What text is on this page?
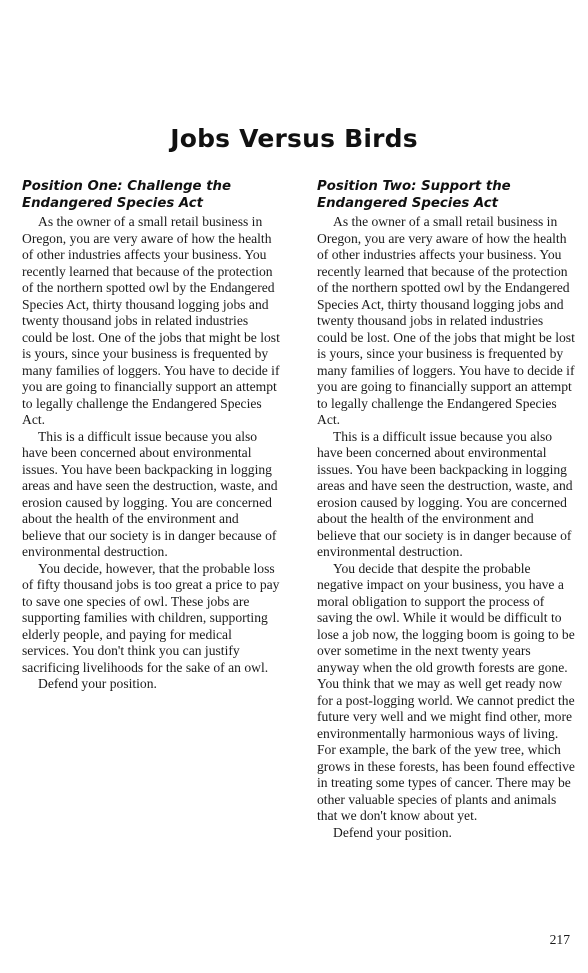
Jobs Versus Birds
Position One: Challenge the
Endangered Species Act

As the owner of a small retail business in Oregon, you are very aware of how the health of other industries affects your business. You recently learned that because of the protection of the northern spotted owl by the Endangered Species Act, thirty thousand logging jobs and twenty thousand jobs in related industries could be lost. One of the jobs that might be lost is yours, since your business is frequented by many families of loggers. You have to decide if you are going to financially support an attempt to legally challenge the Endangered Species Act.

This is a difficult issue because you also have been concerned about environmental issues. You have been backpacking in logging areas and have seen the destruction, waste, and erosion caused by logging. You are concerned about the health of the environment and believe that our society is in danger because of environmental destruction.

You decide, however, that the probable loss of fifty thousand jobs is too great a price to pay to save one species of owl. These jobs are supporting families with children, supporting elderly people, and paying for medical services. You don't think you can justify sacrificing livelihoods for the sake of an owl.

Defend your position.

Position Two: Support the
Endangered Species Act

As the owner of a small retail business in Oregon, you are very aware of how the health of other industries affects your business. You recently learned that because of the protection of the northern spotted owl by the Endangered Species Act, thirty thousand logging jobs and twenty thousand jobs in related industries could be lost. One of the jobs that might be lost is yours, since your business is frequented by many families of loggers. You have to decide if you are going to financially support an attempt to legally challenge the Endangered Species Act.

This is a difficult issue because you also have been concerned about environmental issues. You have been backpacking in logging areas and have seen the destruction, waste, and erosion caused by logging. You are concerned about the health of the environment and believe that our society is in danger because of environmental destruction.

You decide that despite the probable negative impact on your business, you have a moral obligation to support the process of saving the owl. While it would be difficult to lose a job now, the logging boom is going to be over sometime in the next twenty years anyway when the old growth forests are gone. You think that we may as well get ready now for a post-logging world. We cannot predict the future very well and we might find other, more environmentally harmonious ways of living. For example, the bark of the yew tree, which grows in these forests, has been found effective in treating some types of cancer. There may be other valuable species of plants and animals that we don't know about yet.

Defend your position.

217
